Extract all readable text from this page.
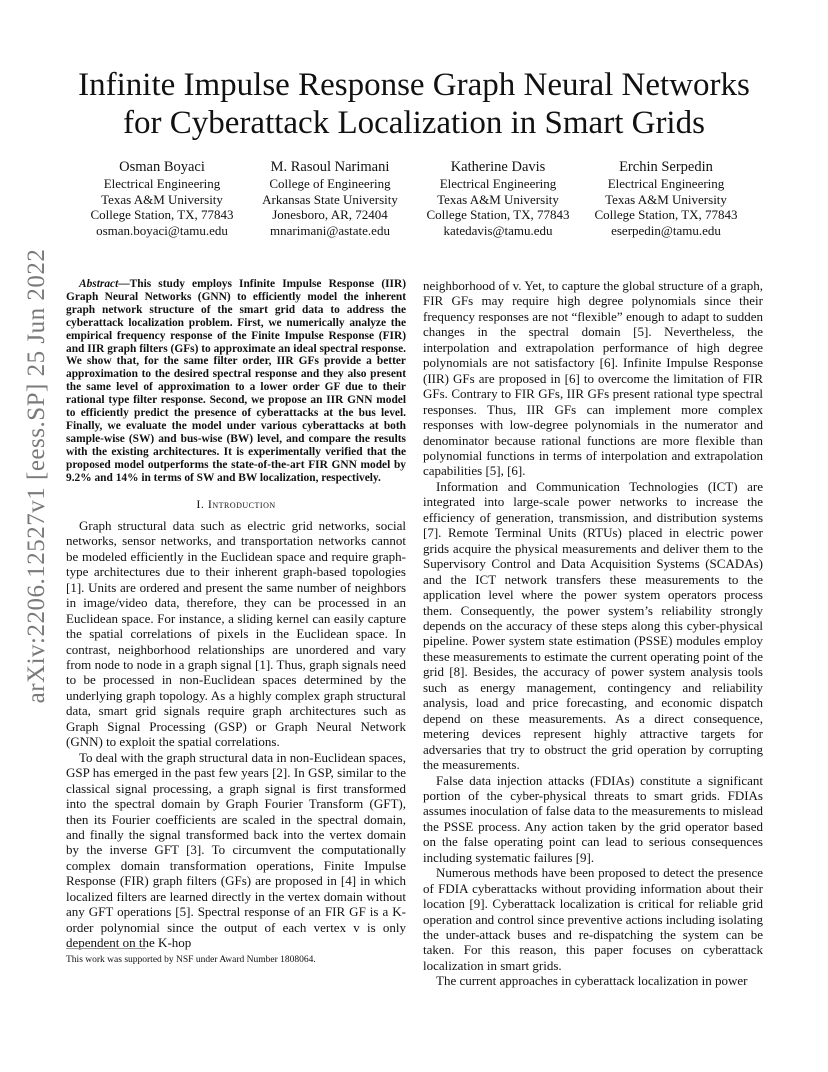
arXiv:2206.12527v1 [eess.SP] 25 Jun 2022
Infinite Impulse Response Graph Neural Networks
for Cyberattack Localization in Smart Grids
Osman Boyaci
Electrical Engineering
Texas A&M University
College Station, TX, 77843
osman.boyaci@tamu.edu
M. Rasoul Narimani
College of Engineering
Arkansas State University
Jonesboro, AR, 72404
mnarimani@astate.edu
Katherine Davis
Electrical Engineering
Texas A&M University
College Station, TX, 77843
katedavis@tamu.edu
Erchin Serpedin
Electrical Engineering
Texas A&M University
College Station, TX, 77843
eserpedin@tamu.edu

Abstract—This study employs Infinite Impulse Response (IIR) Graph Neural Networks (GNN) to efficiently model the inherent graph network structure of the smart grid data to address the cyberattack localization problem. First, we numerically analyze the empirical frequency response of the Finite Impulse Response (FIR) and IIR graph filters (GFs) to approximate an ideal spectral response. We show that, for the same filter order, IIR GFs provide a better approximation to the desired spectral response and they also present the same level of approximation to a lower order GF due to their rational type filter response. Second, we propose an IIR GNN model to efficiently predict the presence of cyberattacks at the bus level. Finally, we evaluate the model under various cyberattacks at both sample-wise (SW) and bus-wise (BW) level, and compare the results with the existing architectures. It is experimentally verified that the proposed model outperforms the state-of-the-art FIR GNN model by 9.2% and 14% in terms of SW and BW localization, respectively.

I. Introduction

Graph structural data such as electric grid networks, social networks, sensor networks, and transportation networks cannot be modeled efficiently in the Euclidean space and require graph-type architectures due to their inherent graph-based topologies [1]. Units are ordered and present the same number of neighbors in image/video data, therefore, they can be processed in an Euclidean space. For instance, a sliding kernel can easily capture the spatial correlations of pixels in the Euclidean space. In contrast, neighborhood relationships are unordered and vary from node to node in a graph signal [1]. Thus, graph signals need to be processed in non-Euclidean spaces determined by the underlying graph topology. As a highly complex graph structural data, smart grid signals require graph architectures such as Graph Signal Processing (GSP) or Graph Neural Network (GNN) to exploit the spatial correlations.

To deal with the graph structural data in non-Euclidean spaces, GSP has emerged in the past few years [2]. In GSP, similar to the classical signal processing, a graph signal is first transformed into the spectral domain by Graph Fourier Transform (GFT), then its Fourier coefficients are scaled in the spectral domain, and finally the signal transformed back into the vertex domain by the inverse GFT [3]. To circumvent the computationally complex domain transformation operations, Finite Impulse Response (FIR) graph filters (GFs) are proposed in [4] in which localized filters are learned directly in the vertex domain without any GFT operations [5]. Spectral response of an FIR GF is a K-order polynomial since the output of each vertex v is only dependent on the K-hop

neighborhood of v. Yet, to capture the global structure of a graph, FIR GFs may require high degree polynomials since their frequency responses are not “flexible” enough to adapt to sudden changes in the spectral domain [5]. Nevertheless, the interpolation and extrapolation performance of high degree polynomials are not satisfactory [6]. Infinite Impulse Response (IIR) GFs are proposed in [6] to overcome the limitation of FIR GFs. Contrary to FIR GFs, IIR GFs present rational type spectral responses. Thus, IIR GFs can implement more complex responses with low-degree polynomials in the numerator and denominator because rational functions are more flexible than polynomial functions in terms of interpolation and extrapolation capabilities [5], [6].

Information and Communication Technologies (ICT) are integrated into large-scale power networks to increase the efficiency of generation, transmission, and distribution systems [7]. Remote Terminal Units (RTUs) placed in electric power grids acquire the physical measurements and deliver them to the Supervisory Control and Data Acquisition Systems (SCADAs) and the ICT network transfers these measurements to the application level where the power system operators process them. Consequently, the power system’s reliability strongly depends on the accuracy of these steps along this cyber-physical pipeline. Power system state estimation (PSSE) modules employ these measurements to estimate the current operating point of the grid [8]. Besides, the accuracy of power system analysis tools such as energy management, contingency and reliability analysis, load and price forecasting, and economic dispatch depend on these measurements. As a direct consequence, metering devices represent highly attractive targets for adversaries that try to obstruct the grid operation by corrupting the measurements.

False data injection attacks (FDIAs) constitute a significant portion of the cyber-physical threats to smart grids. FDIAs assumes inoculation of false data to the measurements to mislead the PSSE process. Any action taken by the grid operator based on the false operating point can lead to serious consequences including systematic failures [9].

Numerous methods have been proposed to detect the presence of FDIA cyberattacks without providing information about their location [9]. Cyberattack localization is critical for reliable grid operation and control since preventive actions including isolating the under-attack buses and re-dispatching the system can be taken. For this reason, this paper focuses on cyberattack localization in smart grids.

The current approaches in cyberattack localization in power

This work was supported by NSF under Award Number 1808064.
